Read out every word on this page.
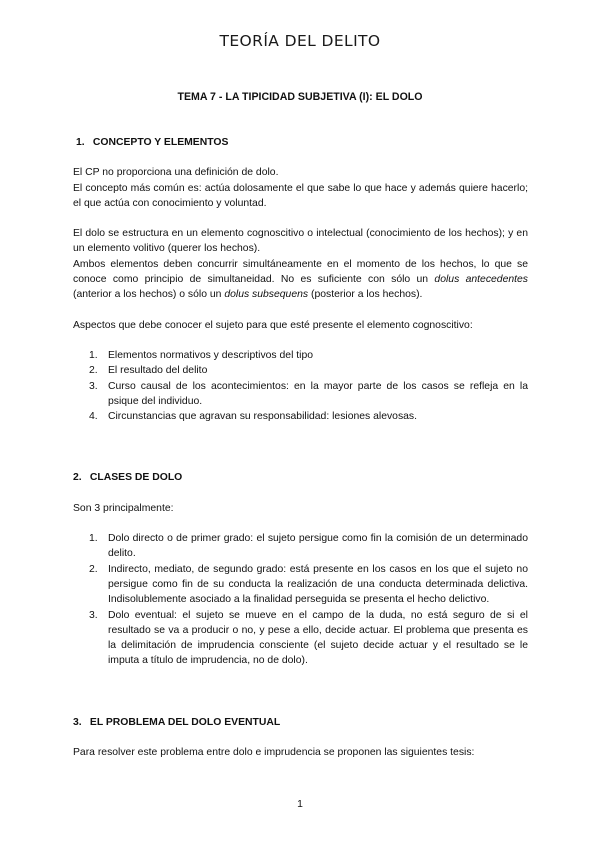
TEORÍA DEL DELITO
TEMA 7 - LA TIPICIDAD SUBJETIVA (I): EL DOLO
1. CONCEPTO Y ELEMENTOS

El CP no proporciona una definición de dolo.

El concepto más común es: actúa dolosamente el que sabe lo que hace y además quiere hacerlo; el que actúa con conocimiento y voluntad.

El dolo se estructura en un elemento cognoscitivo o intelectual (conocimiento de los hechos); y en un elemento volitivo (querer los hechos).

Ambos elementos deben concurrir simultáneamente en el momento de los hechos, lo que se conoce como principio de simultaneidad. No es suficiente con sólo un dolus antecedentes (anterior a los hechos) o sólo un dolus subsequens (posterior a los hechos).

Aspectos que debe conocer el sujeto para que esté presente el elemento cognoscitivo:

1. Elementos normativos y descriptivos del tipo
2. El resultado del delito
3. Curso causal de los acontecimientos: en la mayor parte de los casos se refleja en la psique del individuo.
4. Circunstancias que agravan su responsabilidad: lesiones alevosas.
2. CLASES DE DOLO

Son 3 principalmente:

1. Dolo directo o de primer grado: el sujeto persigue como fin la comisión de un determinado delito.
2. Indirecto, mediato, de segundo grado: está presente en los casos en los que el sujeto no persigue como fin de su conducta la realización de una conducta determinada delictiva. Indisolublemente asociado a la finalidad perseguida se presenta el hecho delictivo.
3. Dolo eventual: el sujeto se mueve en el campo de la duda, no está seguro de si el resultado se va a producir o no, y pese a ello, decide actuar. El problema que presenta es la delimitación de imprudencia consciente (el sujeto decide actuar y el resultado se le imputa a título de imprudencia, no de dolo).
3. EL PROBLEMA DEL DOLO EVENTUAL

Para resolver este problema entre dolo e imprudencia se proponen las siguientes tesis:

1
